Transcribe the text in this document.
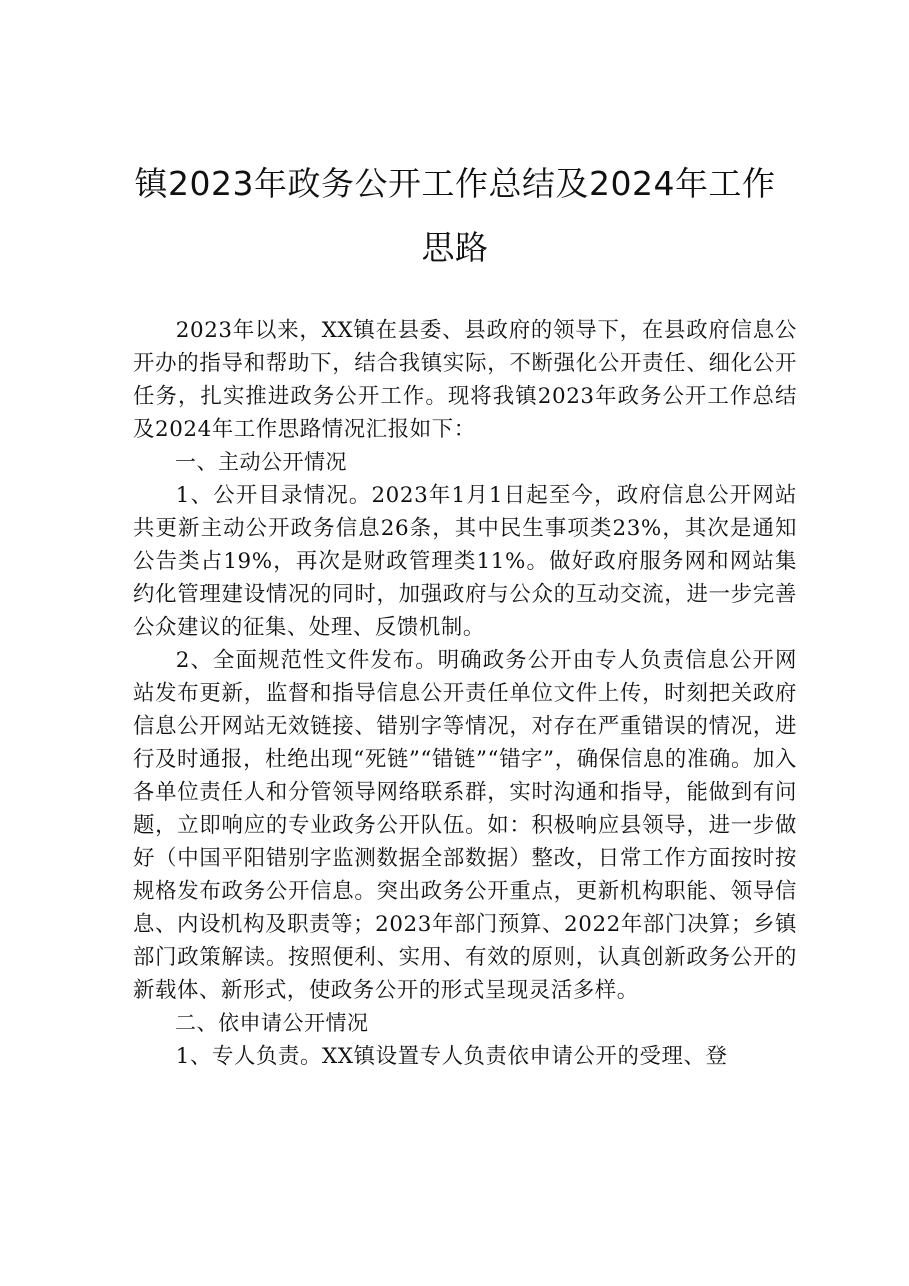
镇2023年政务公开工作总结及2024年工作
思路

2023年以来，XX镇在县委、县政府的领导下，在县政府信息公开办的指导和帮助下，结合我镇实际，不断强化公开责任、细化公开任务，扎实推进政务公开工作。现将我镇2023年政务公开工作总结及2024年工作思路情况汇报如下：

一、主动公开情况

1、公开目录情况。2023年1月1日起至今，政府信息公开网站共更新主动公开政务信息26条，其中民生事项类23%，其次是通知公告类占19%，再次是财政管理类11%。做好政府服务网和网站集约化管理建设情况的同时，加强政府与公众的互动交流，进一步完善公众建议的征集、处理、反馈机制。

2、全面规范性文件发布。明确政务公开由专人负责信息公开网站发布更新，监督和指导信息公开责任单位文件上传，时刻把关政府信息公开网站无效链接、错别字等情况，对存在严重错误的情况，进行及时通报，杜绝出现“死链”“错链”“错字”，确保信息的准确。加入各单位责任人和分管领导网络联系群，实时沟通和指导，能做到有问题，立即响应的专业政务公开队伍。如：积极响应县领导，进一步做好（中国平阳错别字监测数据全部数据）整改，日常工作方面按时按规格发布政务公开信息。突出政务公开重点，更新机构职能、领导信息、内设机构及职责等；2023年部门预算、2022年部门决算；乡镇部门政策解读。按照便利、实用、有效的原则，认真创新政务公开的新载体、新形式，使政务公开的形式呈现灵活多样。

二、依申请公开情况

1、专人负责。XX镇设置专人负责依申请公开的受理、登
